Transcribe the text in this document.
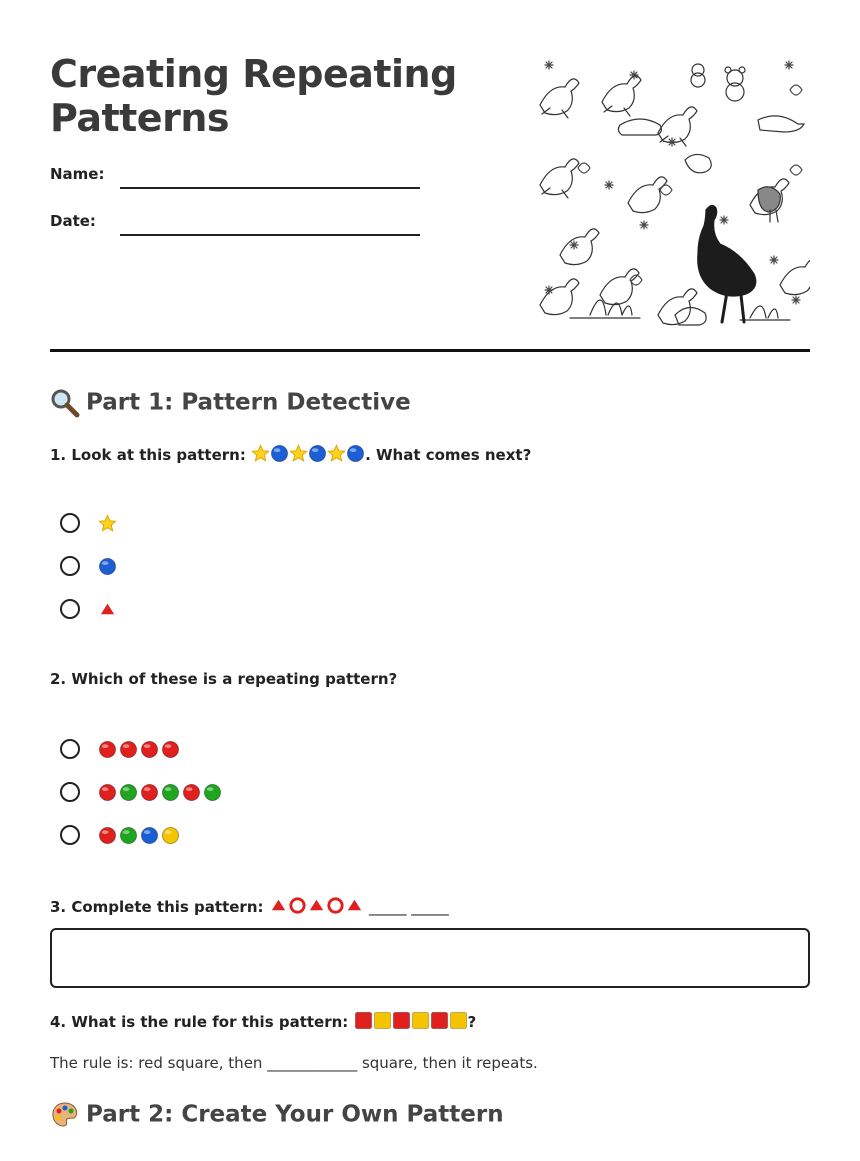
Creating Repeating Patterns
Name:
Date:
Part 1: Pattern Detective
1. Look at this pattern:	. What comes next?
2. Which of these is a repeating pattern?
3. Complete this pattern:	_____ _____
4. What is the rule for this pattern:	?
The rule is: red square, then ____________ square, then it repeats.
Part 2: Create Your Own Pattern
